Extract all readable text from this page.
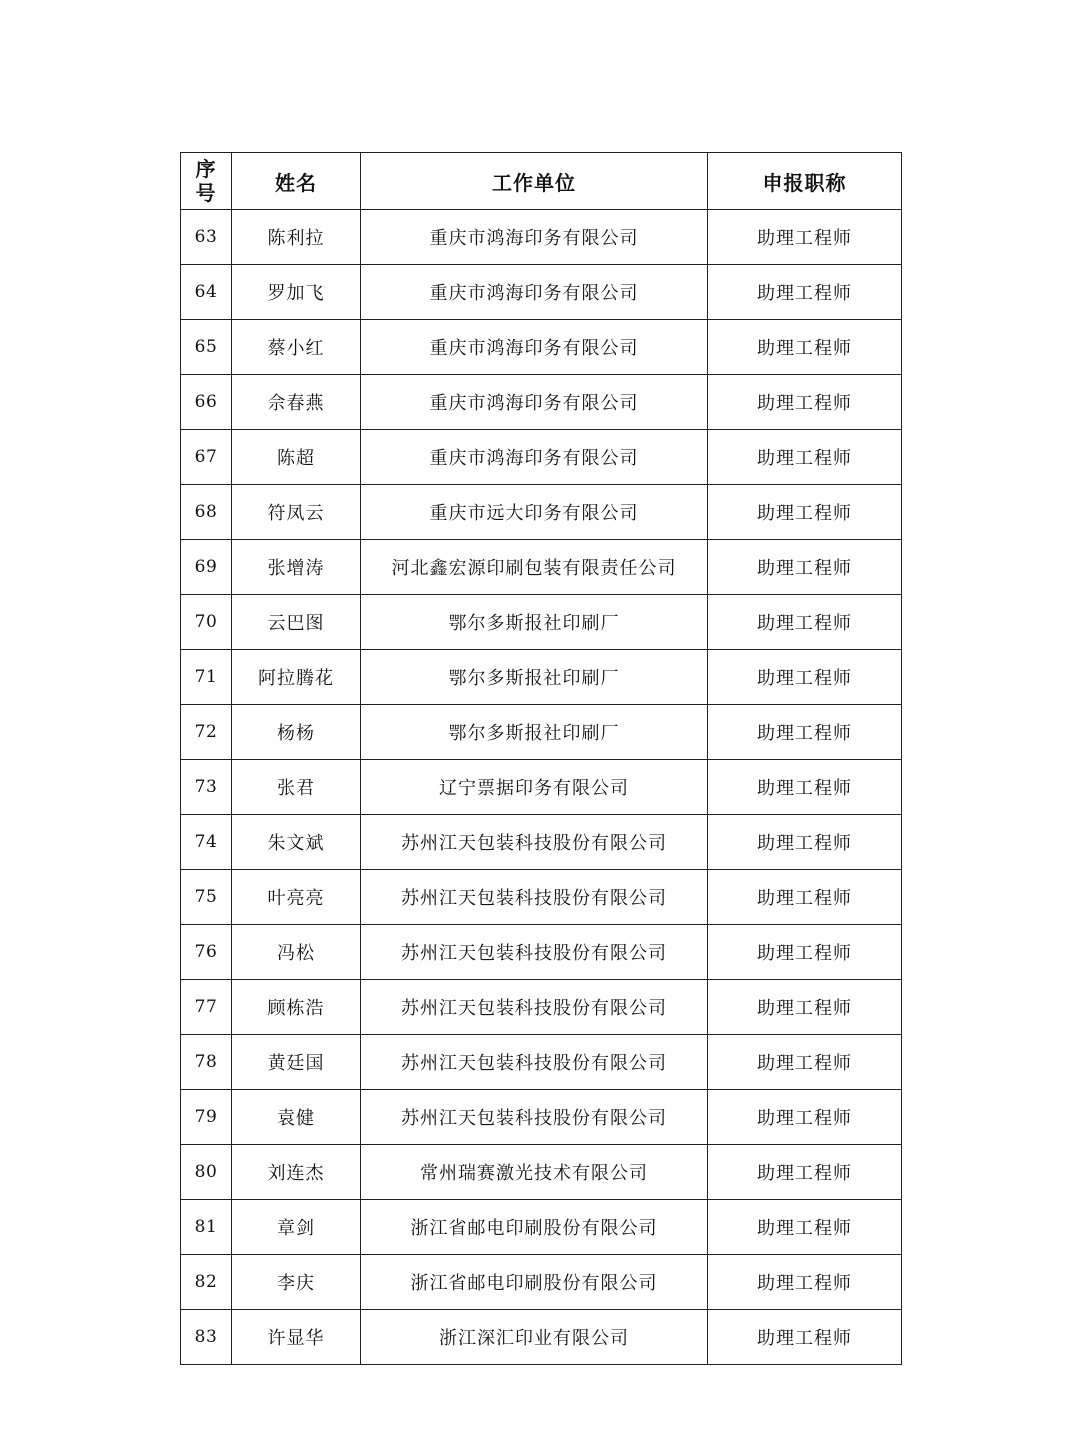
序
号	姓名	工作单位	申报职称
63	陈利拉	重庆市鸿海印务有限公司	助理工程师
64	罗加飞	重庆市鸿海印务有限公司	助理工程师
65	蔡小红	重庆市鸿海印务有限公司	助理工程师
66	佘春燕	重庆市鸿海印务有限公司	助理工程师
67	陈超	重庆市鸿海印务有限公司	助理工程师
68	符凤云	重庆市远大印务有限公司	助理工程师
69	张增涛	河北鑫宏源印刷包装有限责任公司	助理工程师
70	云巴图	鄂尔多斯报社印刷厂	助理工程师
71	阿拉腾花	鄂尔多斯报社印刷厂	助理工程师
72	杨杨	鄂尔多斯报社印刷厂	助理工程师
73	张君	辽宁票据印务有限公司	助理工程师
74	朱文斌	苏州江天包装科技股份有限公司	助理工程师
75	叶亮亮	苏州江天包装科技股份有限公司	助理工程师
76	冯松	苏州江天包装科技股份有限公司	助理工程师
77	顾栋浩	苏州江天包装科技股份有限公司	助理工程师
78	黄廷国	苏州江天包装科技股份有限公司	助理工程师
79	袁健	苏州江天包装科技股份有限公司	助理工程师
80	刘连杰	常州瑞赛激光技术有限公司	助理工程师
81	章剑	浙江省邮电印刷股份有限公司	助理工程师
82	李庆	浙江省邮电印刷股份有限公司	助理工程师
83	许显华	浙江深汇印业有限公司	助理工程师
